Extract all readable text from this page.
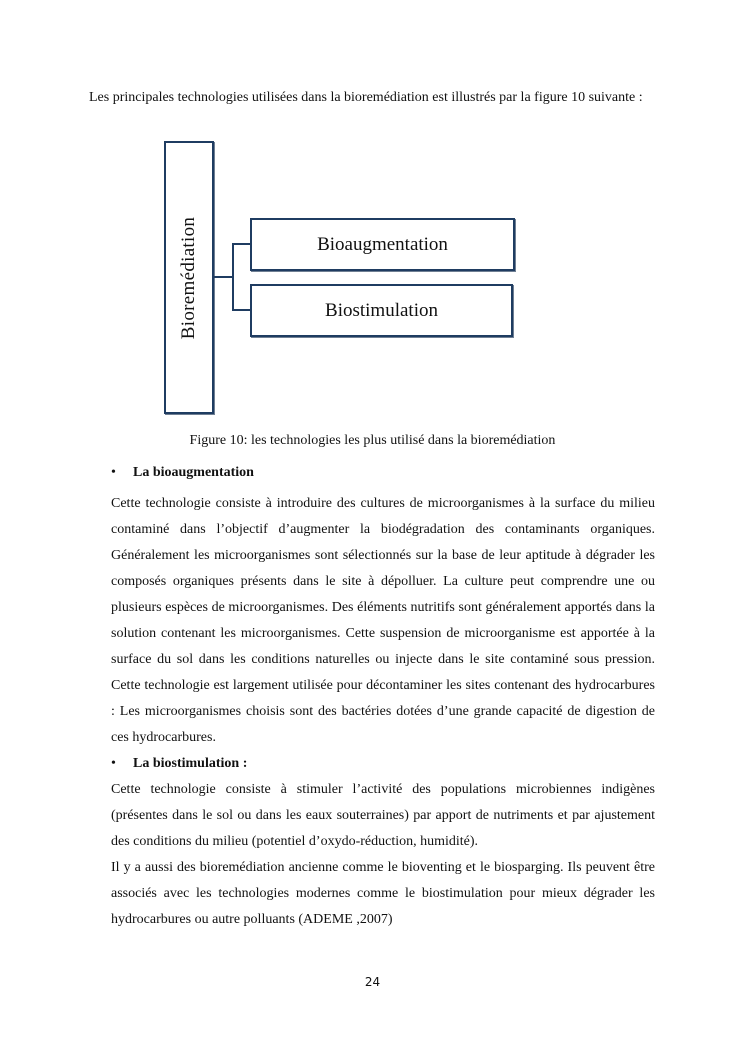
Les principales technologies utilisées dans la bioremédiation est illustrés par la figure 10 suivante :
Bioremédiation	Bioaugmentation
Biostimulation
Figure 10: les technologies les plus utilisé dans la bioremédiation
• La bioaugmentation
Cette technologie consiste à introduire des cultures de microorganismes à la surface du milieu contaminé dans l’objectif d’augmenter la biodégradation des contaminants organiques. Généralement les microorganismes sont sélectionnés sur la base de leur aptitude à dégrader les composés organiques présents dans le site à dépolluer. La culture peut comprendre une ou plusieurs espèces de microorganismes. Des éléments nutritifs sont généralement apportés dans la solution contenant les microorganismes. Cette suspension de microorganisme est apportée à la surface du sol dans les conditions naturelles ou injecte dans le site contaminé sous pression. Cette technologie est largement utilisée pour décontaminer les sites contenant des hydrocarbures : Les microorganismes choisis sont des bactéries dotées d’une grande capacité de digestion de ces hydrocarbures.
• La biostimulation :
Cette technologie consiste à stimuler l’activité des populations microbiennes indigènes (présentes dans le sol ou dans les eaux souterraines) par apport de nutriments et par ajustement des conditions du milieu (potentiel d’oxydo-réduction, humidité).
Il y a aussi des bioremédiation ancienne comme le bioventing et le biosparging. Ils peuvent être associés avec les technologies modernes comme le biostimulation pour mieux dégrader les hydrocarbures ou autre polluants (ADEME ,2007)
24
